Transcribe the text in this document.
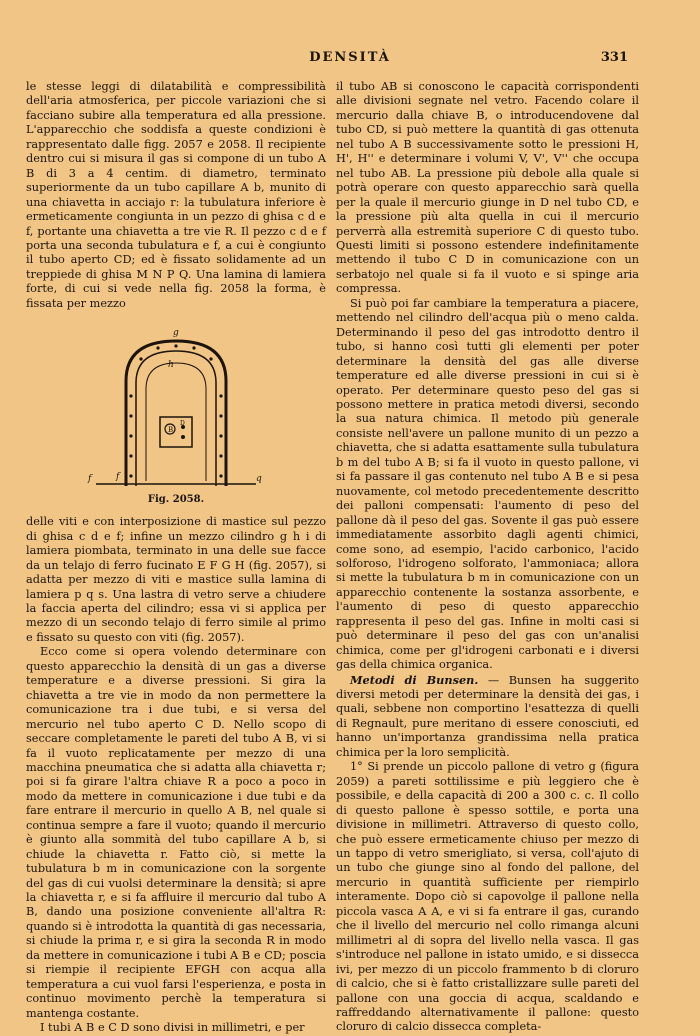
DENSITÀ	331

le stesse leggi di dilatabilità e compressibilità dell'aria atmosferica, per piccole variazioni che si facciano subire alla temperatura ed alla pressione. L'apparecchio che soddisfa a queste condizioni è rappresentato dalle figg. 2057 e 2058. Il recipiente dentro cui si misura il gas si compone di un tubo A B di 3 a 4 centim. di diametro, terminato superiormente da un tubo capillare A b, munito di una chiavetta in acciajo r: la tubulatura inferiore è ermeticamente congiunta in un pezzo di ghisa c d e f, portante una chiavetta a tre vie R. Il pezzo c d e f porta una seconda tubulatura e f, a cui è congiunto il tubo aperto CD; ed è fissato solidamente ad un treppiede di ghisa M N P Q. Una lamina di lamiera forte, di cui si vede nella fig. 2058 la forma, è fissata per mezzo

B
D
g
h
f	f	q
Fig. 2058.

delle viti e con interposizione di mastice sul pezzo di ghisa c d e f; infine un mezzo cilindro g h i di lamiera piombata, terminato in una delle sue facce da un telajo di ferro fucinato E F G H (fig. 2057), si adatta per mezzo di viti e mastice sulla lamina di lamiera p q s. Una lastra di vetro serve a chiudere la faccia aperta del cilindro; essa vi si applica per mezzo di un secondo telajo di ferro simile al primo e fissato su questo con viti (fig. 2057).

Ecco come si opera volendo determinare con questo apparecchio la densità di un gas a diverse temperature e a diverse pressioni. Si gira la chiavetta a tre vie in modo da non permettere la comunicazione tra i due tubi, e si versa del mercurio nel tubo aperto C D. Nello scopo di seccare completamente le pareti del tubo A B, vi si fa il vuoto replicatamente per mezzo di una macchina pneumatica che si adatta alla chiavetta r; poi si fa girare l'altra chiave R a poco a poco in modo da mettere in comunicazione i due tubi e da fare entrare il mercurio in quello A B, nel quale si continua sempre a fare il vuoto; quando il mercurio è giunto alla sommità del tubo capillare A b, si chiude la chiavetta r. Fatto ciò, si mette la tubulatura b m in comunicazione con la sorgente del gas di cui vuolsi determinare la densità; si apre la chiavetta r, e si fa affluire il mercurio dal tubo A B, dando una posizione conveniente all'altra R: quando si è introdotta la quantità di gas necessaria, si chiude la prima r, e si gira la seconda R in modo da mettere in comunicazione i tubi A B e CD; poscia si riempie il recipiente EFGH con acqua alla temperatura a cui vuol farsi l'esperienza, e posta in continuo movimento perchè la temperatura si mantenga costante.

I tubi A B e C D sono divisi in millimetri, e per

il tubo AB si conoscono le capacità corrispondenti alle divisioni segnate nel vetro. Facendo colare il mercurio dalla chiave B, o introducendovene dal tubo CD, si può mettere la quantità di gas ottenuta nel tubo A B successivamente sotto le pressioni H, H', H'' e determinare i volumi V, V', V'' che occupa nel tubo AB. La pressione più debole alla quale si potrà operare con questo apparecchio sarà quella per la quale il mercurio giunge in D nel tubo CD, e la pressione più alta quella in cui il mercurio perverrà alla estremità superiore C di questo tubo. Questi limiti si possono estendere indefinitamente mettendo il tubo C D in comunicazione con un serbatojo nel quale si fa il vuoto e si spinge aria compressa.

Si può poi far cambiare la temperatura a piacere, mettendo nel cilindro dell'acqua più o meno calda. Determinando il peso del gas introdotto dentro il tubo, si hanno così tutti gli elementi per poter determinare la densità del gas alle diverse temperature ed alle diverse pressioni in cui si è operato. Per determinare questo peso del gas si possono mettere in pratica metodi diversi, secondo la sua natura chimica. Il metodo più generale consiste nell'avere un pallone munito di un pezzo a chiavetta, che si adatta esattamente sulla tubulatura b m del tubo A B; si fa il vuoto in questo pallone, vi si fa passare il gas contenuto nel tubo A B e si pesa nuovamente, col metodo precedentemente descritto dei palloni compensati: l'aumento di peso del pallone dà il peso del gas. Sovente il gas può essere immediatamente assorbito dagli agenti chimici, come sono, ad esempio, l'acido carbonico, l'acido solforoso, l'idrogeno solforato, l'ammoniaca; allora si mette la tubulatura b m in comunicazione con un apparecchio contenente la sostanza assorbente, e l'aumento di peso di questo apparecchio rappresenta il peso del gas. Infine in molti casi si può determinare il peso del gas con un'analisi chimica, come per gl'idrogeni carbonati e i diversi gas della chimica organica.

Metodi di Bunsen. — Bunsen ha suggerito diversi metodi per determinare la densità dei gas, i quali, sebbene non comportino l'esattezza di quelli di Regnault, pure meritano di essere conosciuti, ed hanno un'importanza grandissima nella pratica chimica per la loro semplicità.

1° Si prende un piccolo pallone di vetro g (figura 2059) a pareti sottilissime e più leggiero che è possibile, e della capacità di 200 a 300 c. c. Il collo di questo pallone è spesso sottile, e porta una divisione in millimetri. Attraverso di questo collo, che può essere ermeticamente chiuso per mezzo di un tappo di vetro smerigliato, si versa, coll'ajuto di un tubo che giunge sino al fondo del pallone, del mercurio in quantità sufficiente per riempirlo interamente. Dopo ciò si capovolge il pallone nella piccola vasca A A, e vi si fa entrare il gas, curando che il livello del mercurio nel collo rimanga alcuni millimetri al di sopra del livello nella vasca. Il gas s'introduce nel pallone in istato umido, e si dissecca ivi, per mezzo di un piccolo frammento b di cloruro di calcio, che si è fatto cristallizzare sulle pareti del pallone con una goccia di acqua, scaldando e raffreddando alternativamente il pallone: questo cloruro di calcio dissecca completa-
